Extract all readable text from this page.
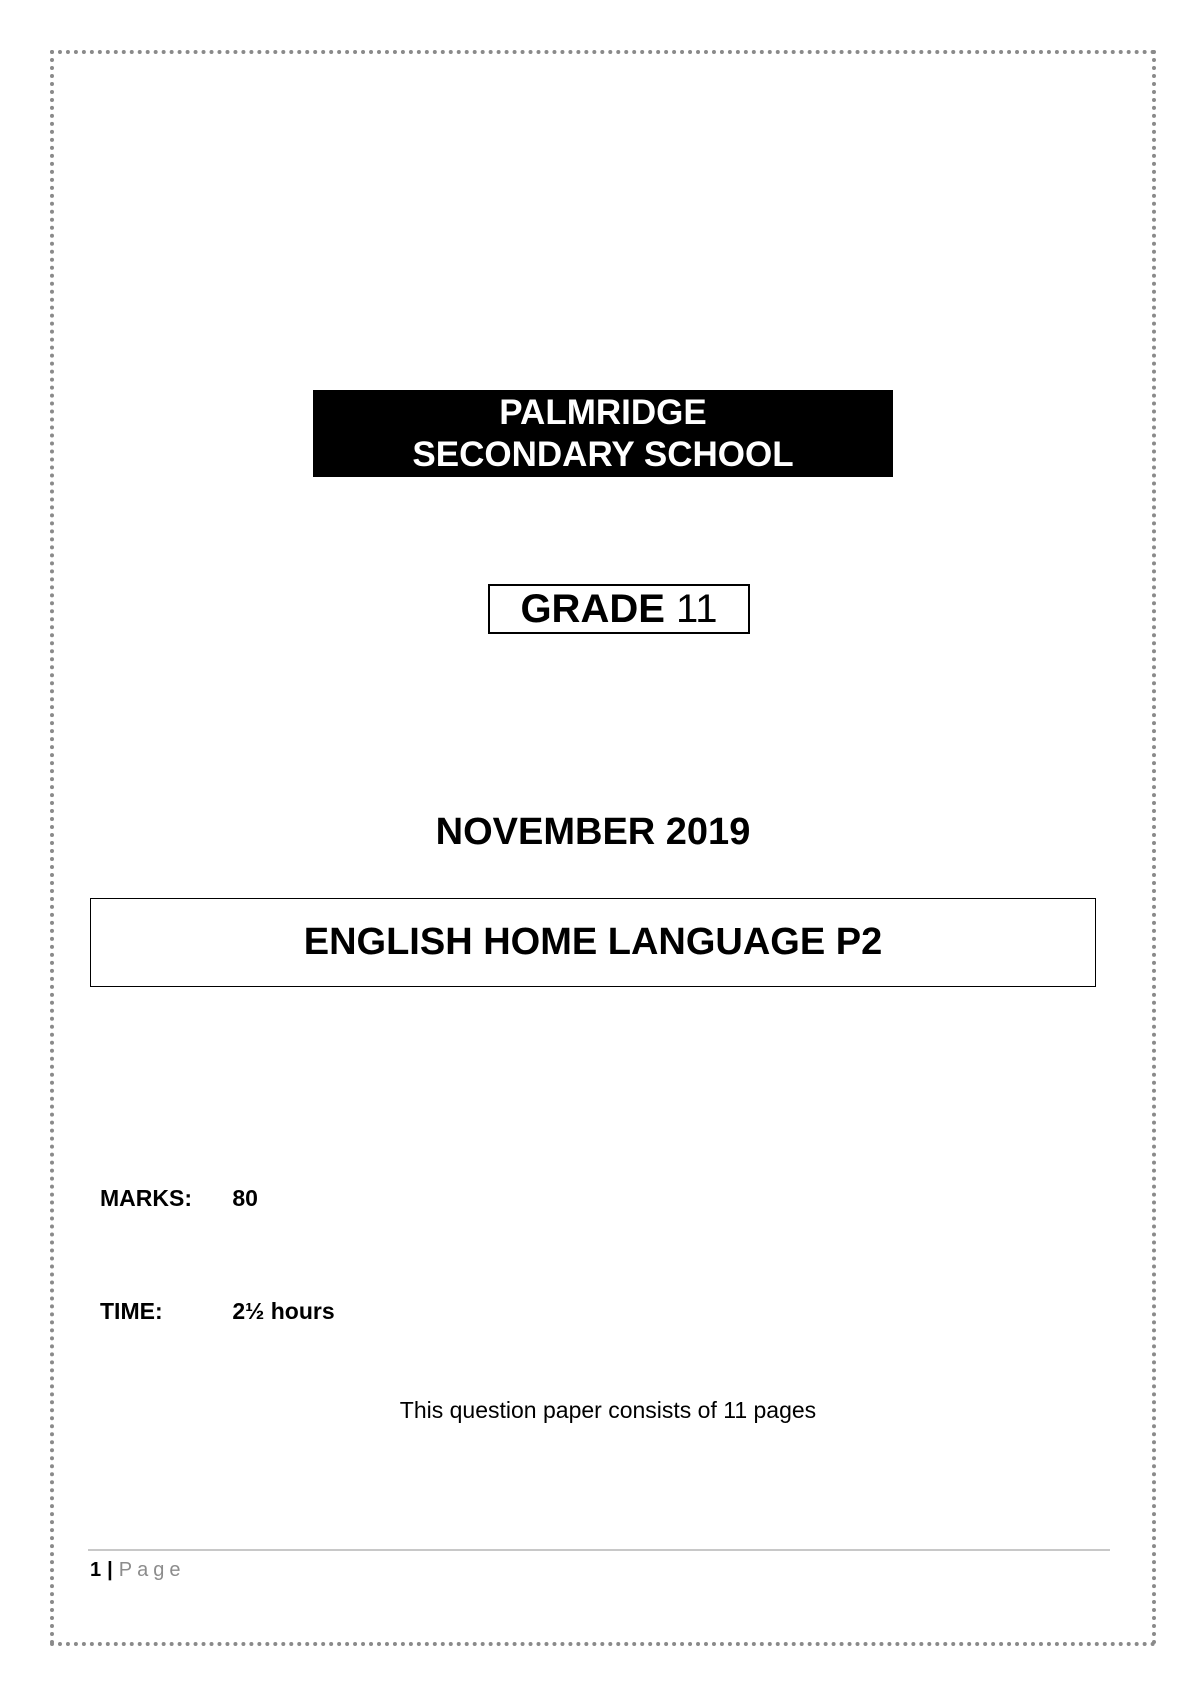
PALMRIDGE
SECONDARY SCHOOL
GRADE 11
NOVEMBER 2019
ENGLISH HOME LANGUAGE P2
MARKS: 80
TIME:	2½ hours
This question paper consists of 11 pages
1 | Page
